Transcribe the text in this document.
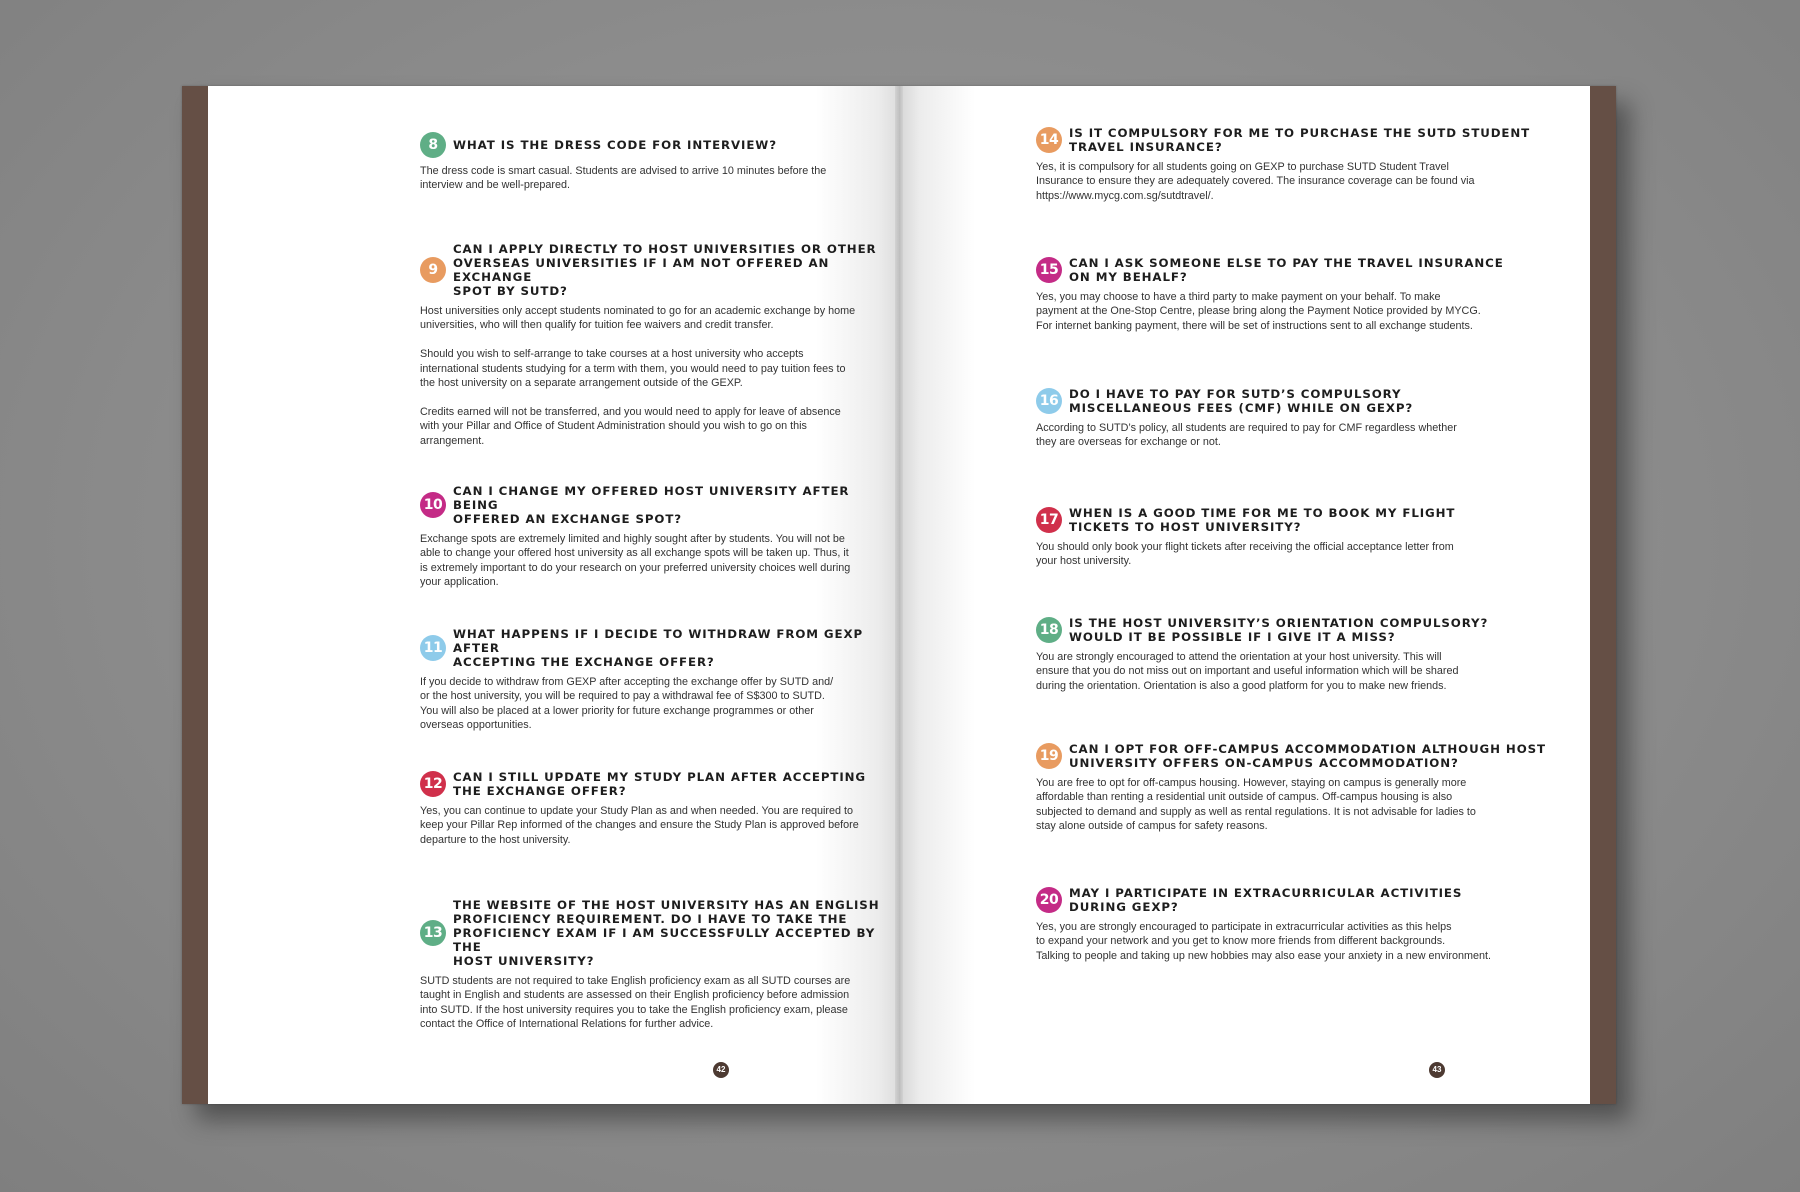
8	WHAT IS THE DRESS CODE FOR INTERVIEW?
The dress code is smart casual. Students are advised to arrive 10 minutes before the
interview and be well-prepared.
9
CAN I APPLY DIRECTLY TO HOST UNIVERSITIES OR OTHER
OVERSEAS UNIVERSITIES IF I AM NOT OFFERED AN EXCHANGE
SPOT BY SUTD?
Host universities only accept students nominated to go for an academic exchange by home
universities, who will then qualify for tuition fee waivers and credit transfer.

Should you wish to self-arrange to take courses at a host university who accepts
international students studying for a term with them, you would need to pay tuition fees to
the host university on a separate arrangement outside of the GEXP.

Credits earned will not be transferred, and you would need to apply for leave of absence
with your Pillar and Office of Student Administration should you wish to go on this
arrangement.
10
CAN I CHANGE MY OFFERED HOST UNIVERSITY AFTER BEING
OFFERED AN EXCHANGE SPOT?
Exchange spots are extremely limited and highly sought after by students. You will not be
able to change your offered host university as all exchange spots will be taken up. Thus, it
is extremely important to do your research on your preferred university choices well during
your application.
11
WHAT HAPPENS IF I DECIDE TO WITHDRAW FROM GEXP AFTER
ACCEPTING THE EXCHANGE OFFER?
If you decide to withdraw from GEXP after accepting the exchange offer by SUTD and/
or the host university, you will be required to pay a withdrawal fee of S$300 to SUTD.
You will also be placed at a lower priority for future exchange programmes or other
overseas opportunities.
12 CAN I STILL UPDATE MY STUDY PLAN AFTER ACCEPTING
THE EXCHANGE OFFER?
Yes, you can continue to update your Study Plan as and when needed. You are required to
keep your Pillar Rep informed of the changes and ensure the Study Plan is approved before
departure to the host university.
13
THE WEBSITE OF THE HOST UNIVERSITY HAS AN ENGLISH
PROFICIENCY REQUIREMENT. DO I HAVE TO TAKE THE
PROFICIENCY EXAM IF I AM SUCCESSFULLY ACCEPTED BY THE
HOST UNIVERSITY?
SUTD students are not required to take English proficiency exam as all SUTD courses are
taught in English and students are assessed on their English proficiency before admission
into SUTD. If the host university requires you to take the English proficiency exam, please
contact the Office of International Relations for further advice.
42
14 IS IT COMPULSORY FOR ME TO PURCHASE THE SUTD STUDENT
TRAVEL INSURANCE?
Yes, it is compulsory for all students going on GEXP to purchase SUTD Student Travel
Insurance to ensure they are adequately covered. The insurance coverage can be found via
https://www.mycg.com.sg/sutdtravel/.
15 CAN I ASK SOMEONE ELSE TO PAY THE TRAVEL INSURANCE
ON MY BEHALF?
Yes, you may choose to have a third party to make payment on your behalf. To make
payment at the One-Stop Centre, please bring along the Payment Notice provided by MYCG.
For internet banking payment, there will be set of instructions sent to all exchange students.
16 DO I HAVE TO PAY FOR SUTD’S COMPULSORY
MISCELLANEOUS FEES (CMF) WHILE ON GEXP?
According to SUTD’s policy, all students are required to pay for CMF regardless whether
they are overseas for exchange or not.
17 WHEN IS A GOOD TIME FOR ME TO BOOK MY FLIGHT
TICKETS TO HOST UNIVERSITY?
You should only book your flight tickets after receiving the official acceptance letter from
your host university.
18 IS THE HOST UNIVERSITY’S ORIENTATION COMPULSORY?
WOULD IT BE POSSIBLE IF I GIVE IT A MISS?
You are strongly encouraged to attend the orientation at your host university. This will
ensure that you do not miss out on important and useful information which will be shared
during the orientation. Orientation is also a good platform for you to make new friends.
19 CAN I OPT FOR OFF-CAMPUS ACCOMMODATION ALTHOUGH HOST
UNIVERSITY OFFERS ON-CAMPUS ACCOMMODATION?
You are free to opt for off-campus housing. However, staying on campus is generally more
affordable than renting a residential unit outside of campus. Off-campus housing is also
subjected to demand and supply as well as rental regulations. It is not advisable for ladies to
stay alone outside of campus for safety reasons.
20 MAY I PARTICIPATE IN EXTRACURRICULAR ACTIVITIES
DURING GEXP?
Yes, you are strongly encouraged to participate in extracurricular activities as this helps
to expand your network and you get to know more friends from different backgrounds.
Talking to people and taking up new hobbies may also ease your anxiety in a new environment.
43
